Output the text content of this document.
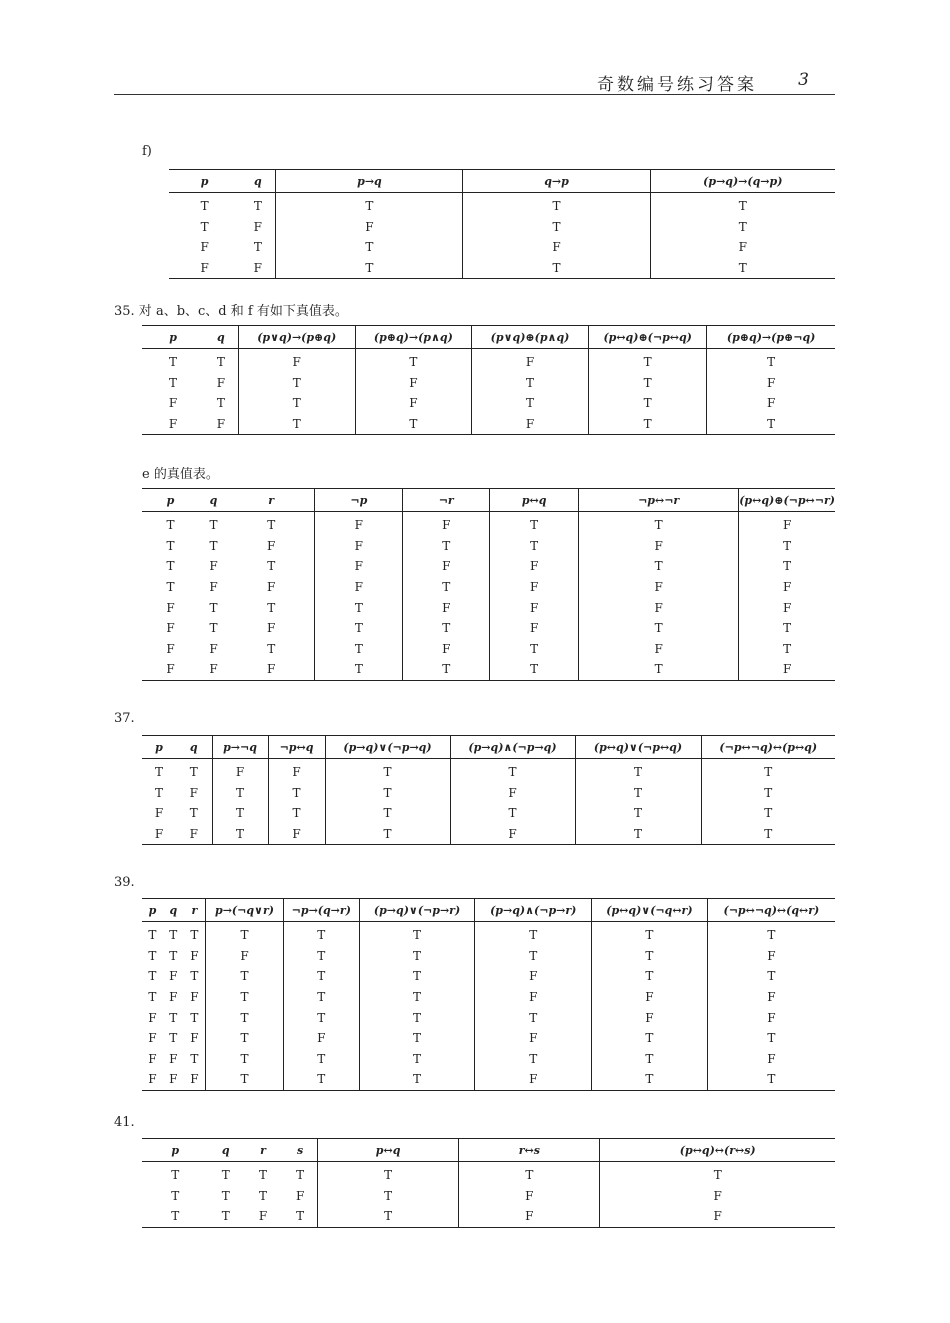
奇数编号练习答案 3
f)
p	q	p→q	q→p	(p→q)→(q→p)
T	T	T	T	T
T	F	F	T	T
F	T	T	F	F
F	F	T	T	T
35. 对 a、b、c、d 和 f 有如下真值表。
p	q	(p∨q)→(p⊕q)	(p⊕q)→(p∧q)	(p∨q)⊕(p∧q)	(p↔q)⊕(¬p↔q)	(p⊕q)→(p⊕¬q)
T	T	F	T	F	T	T
T	F	T	F	T	T	F
F	T	T	F	T	T	F
F	F	T	T	F	T	T
e 的真值表。
p	q	r	¬p	¬r	p↔q	¬p↔¬r	(p↔q)⊕(¬p↔¬r)
T	T	T	F	F	T	T	F
T	T	F	F	T	T	F	T
T	F	T	F	F	F	T	T
T	F	F	F	T	F	F	F
F	T	T	T	F	F	F	F
F	T	F	T	T	F	T	T
F	F	T	T	F	T	F	T
F	F	F	T	T	T	T	F
37.
p	q	p→¬q	¬p↔q	(p→q)∨(¬p→q)	(p→q)∧(¬p→q)	(p↔q)∨(¬p↔q)	(¬p↔¬q)↔(p↔q)
T	T	F	F	T	T	T	T
T	F	T	T	T	F	T	T
F	T	T	T	T	T	T	T
F	F	T	F	T	F	T	T
39.
p	q	r	p→(¬q∨r)	¬p→(q→r)	(p→q)∨(¬p→r)	(p→q)∧(¬p→r)	(p↔q)∨(¬q↔r)	(¬p↔¬q)↔(q↔r)
T	T	T	T	T	T	T	T	T
T	T	F	F	T	T	T	T	F
T	F	T	T	T	T	F	T	T
T	F	F	T	T	T	F	F	F
F	T	T	T	T	T	T	F	F
F	T	F	T	F	T	F	T	T
F	F	T	T	T	T	T	T	F
F	F	F	T	T	T	F	T	T
41.
p	q	r	s	p↔q	r↔s	(p↔q)↔(r↔s)
T	T	T	T	T	T	T
T	T	T	F	T	F	F
T	T	F	T	T	F	F
